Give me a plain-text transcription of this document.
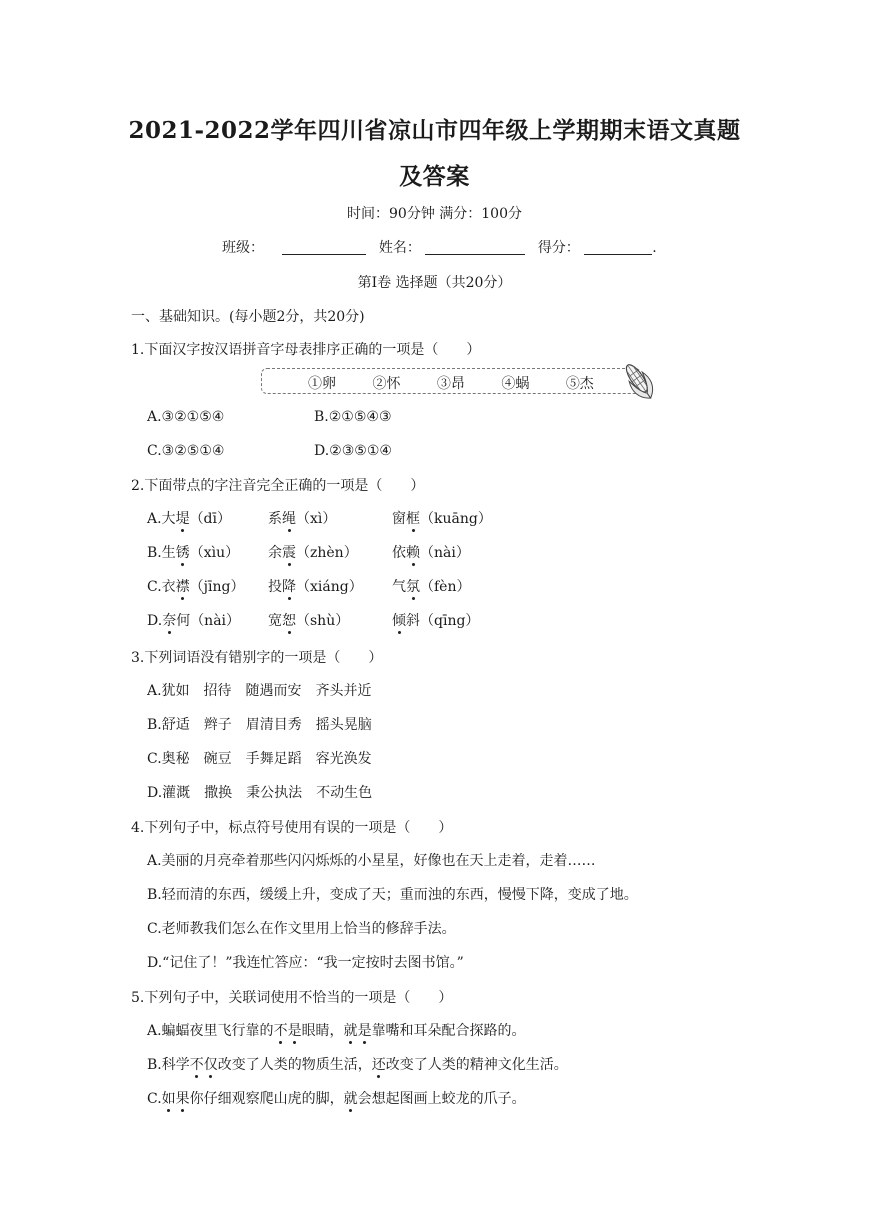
2021-2022学年四川省凉山市四年级上学期期末语文真题
及答案
时间：90分钟 满分：100分
班级：	姓名：	得分：	.
第Ⅰ卷 选择题（共20分）
一、基础知识。(每小题2分，共20分)
1.下面汉字按汉语拼音字母表排序正确的一项是（　　）
①卵	②怀	③昂	④蜗	⑤杰
A.③②①⑤④	B.②①⑤④③
C.③②⑤①④	D.②③⑤①④
2.下面带点的字注音完全正确的一项是（　　）
A.大堤（dī）	系绳（xì）	窗框（kuāng）
B.生锈（xìu） 余震（zhèn） 依赖（nài）
C.衣襟（jīng） 投降（xiáng） 气氛（fèn）
D.奈何（nài） 宽恕（shù）	倾斜（qīng）
3.下列词语没有错别字的一项是（　　）
A.犹如　招待　随遇而安　齐头并近
B.舒适　辫子　眉清目秀　摇头晃脑
C.奥秘　碗豆　手舞足蹈　容光涣发
D.灌溉　撒换　秉公执法　不动生色
4.下列句子中，标点符号使用有误的一项是（　　）
A.美丽的月亮牵着那些闪闪烁烁的小星星，好像也在天上走着，走着……
B.轻而清的东西，缓缓上升，变成了天；重而浊的东西，慢慢下降，变成了地。
C.老师教我们怎么在作文里用上恰当的修辞手法。
D.“记住了！”我连忙答应：“我一定按时去图书馆。”
5.下列句子中，关联词使用不恰当的一项是（　　）
A.蝙蝠夜里飞行靠的不是眼睛，就是靠嘴和耳朵配合探路的。
B.科学不仅改变了人类的物质生活，还改变了人类的精神文化生活。
C.如果你仔细观察爬山虎的脚，就会想起图画上蛟龙的爪子。
